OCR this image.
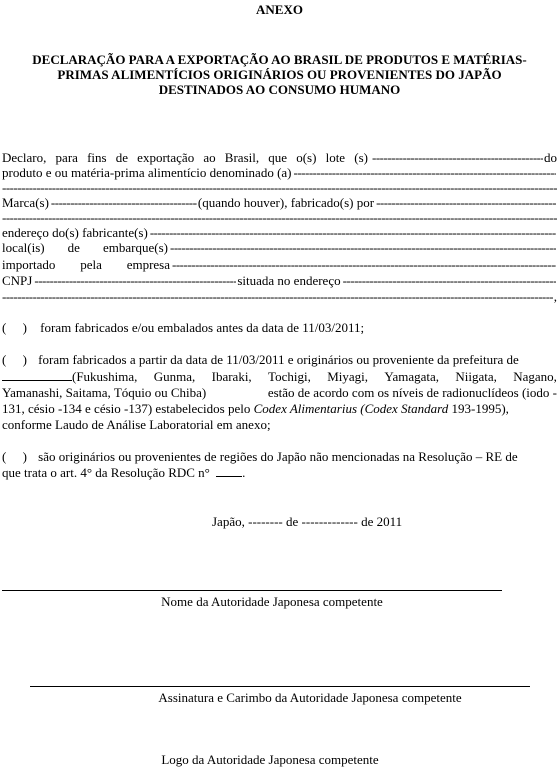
ANEXO
DECLARAÇÃO PARA A EXPORTAÇÃO AO BRASIL DE PRODUTOS E MATÉRIAS-
PRIMAS ALIMENTÍCIOS ORIGINÁRIOS OU PROVENIENTES DO JAPÃO
DESTINADOS AO CONSUMO HUMANO
Declaro, para fins de exportação ao Brasil, que o(s) lote (s) -----	do
produto e ou matéria-prima alimentício denominado (a)
-----
-----
Marca(s) -----	(quando houver), fabricado(s) por
-----
-----
endereço do(s) fabricante(s)
-----
local(is) de embarque(s)
-----
importado pela empresa
-----
CNPJ -----	situada no endereço
-----
-----
,
(     ) foram fabricados e/ou embalados antes da data de 11/03/2011;
(     ) foram fabricados a partir da data de 11/03/2011 e originários ou proveniente da prefeitura de
(Fukushima, Gunma, Ibaraki, Tochigi, Miyagi, Yamagata, Niigata, Nagano,
Yamanashi, Saitama, Tóquio ou Chiba)	estão de acordo com os níveis de radionuclídeos (iodo -
131, césio -134 e césio -137) estabelecidos pelo Codex Alimentarius (Codex Standard 193-1995),
conforme Laudo de Análise Laboratorial em anexo;
(     ) são originários ou provenientes de regiões do Japão não mencionadas na Resolução – RE de
que trata o art. 4° da Resolução RDC n° .
Japão, -------- de ------------- de 2011
Nome da Autoridade Japonesa competente
Assinatura e Carimbo da Autoridade Japonesa competente
Logo da Autoridade Japonesa competente
